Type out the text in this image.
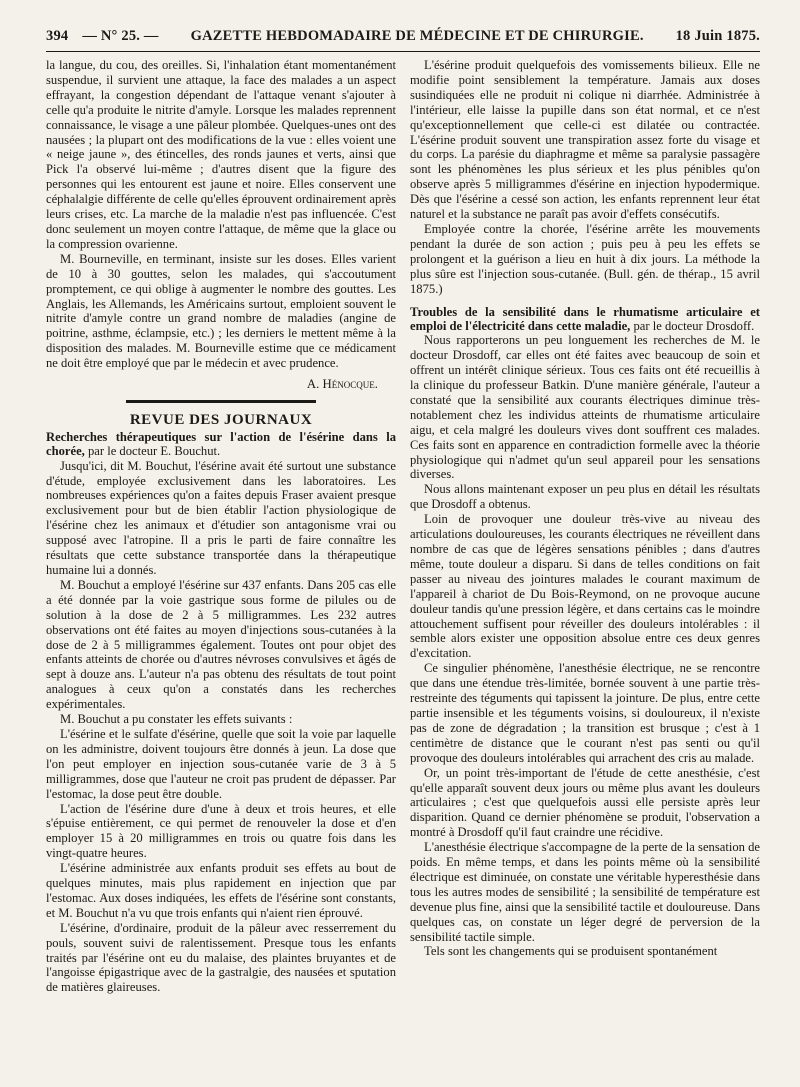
394 — N° 25. —	GAZETTE HEBDOMADAIRE DE MÉDECINE ET DE CHIRURGIE.	18 Juin 1875.

la langue, du cou, des oreilles. Si, l'inhalation étant momentanément suspendue, il survient une attaque, la face des malades a un aspect effrayant, la congestion dépendant de l'attaque venant s'ajouter à celle qu'a produite le nitrite d'amyle. Lorsque les malades reprennent connaissance, le visage a une pâleur plombée. Quelques-unes ont des nausées ; la plupart ont des modifications de la vue : elles voient une « neige jaune », des étincelles, des ronds jaunes et verts, ainsi que Pick l'a observé lui-même ; d'autres disent que la figure des personnes qui les entourent est jaune et noire. Elles conservent une céphalalgie différente de celle qu'elles éprouvent ordinairement après leurs crises, etc. La marche de la maladie n'est pas influencée. C'est donc seulement un moyen contre l'attaque, de même que la glace ou la compression ovarienne.

M. Bourneville, en terminant, insiste sur les doses. Elles varient de 10 à 30 gouttes, selon les malades, qui s'accoutument promptement, ce qui oblige à augmenter le nombre des gouttes. Les Anglais, les Allemands, les Américains surtout, emploient souvent le nitrite d'amyle contre un grand nombre de maladies (angine de poitrine, asthme, éclampsie, etc.) ; les derniers le mettent même à la disposition des malades. M. Bourneville estime que ce médicament ne doit être employé que par le médecin et avec prudence.

A. Hénocque.
REVUE DES JOURNAUX

Recherches thérapeutiques sur l'action de l'ésérine dans la chorée, par le docteur E. Bouchut.

Jusqu'ici, dit M. Bouchut, l'ésérine avait été surtout une substance d'étude, employée exclusivement dans les laboratoires. Les nombreuses expériences qu'on a faites depuis Fraser avaient presque exclusivement pour but de bien établir l'action physiologique de l'ésérine chez les animaux et d'étudier son antagonisme vrai ou supposé avec l'atropine. Il a pris le parti de faire connaître les résultats que cette substance transportée dans la thérapeutique humaine lui a donnés.

M. Bouchut a employé l'ésérine sur 437 enfants. Dans 205 cas elle a été donnée par la voie gastrique sous forme de pilules ou de solution à la dose de 2 à 5 milligrammes. Les 232 autres observations ont été faites au moyen d'injections sous-cutanées à la dose de 2 à 5 milligrammes également. Toutes ont pour objet des enfants atteints de chorée ou d'autres névroses convulsives et âgés de sept à douze ans. L'auteur n'a pas obtenu des résultats de tout point analogues à ceux qu'on a constatés dans les recherches expérimentales.

M. Bouchut a pu constater les effets suivants :

L'ésérine et le sulfate d'ésérine, quelle que soit la voie par laquelle on les administre, doivent toujours être donnés à jeun. La dose que l'on peut employer en injection sous-cutanée varie de 3 à 5 milligrammes, dose que l'auteur ne croit pas prudent de dépasser. Par l'estomac, la dose peut être double.

L'action de l'ésérine dure d'une à deux et trois heures, et elle s'épuise entièrement, ce qui permet de renouveler la dose et d'en employer 15 à 20 milligrammes en trois ou quatre fois dans les vingt-quatre heures.

L'ésérine administrée aux enfants produit ses effets au bout de quelques minutes, mais plus rapidement en injection que par l'estomac. Aux doses indiquées, les effets de l'ésérine sont constants, et M. Bouchut n'a vu que trois enfants qui n'aient rien éprouvé.

L'ésérine, d'ordinaire, produit de la pâleur avec resserrement du pouls, souvent suivi de ralentissement. Presque tous les enfants traités par l'ésérine ont eu du malaise, des plaintes bruyantes et de l'angoisse épigastrique avec de la gastralgie, des nausées et sputation de matières glaireuses.

L'ésérine produit quelquefois des vomissements bilieux. Elle ne modifie point sensiblement la température. Jamais aux doses susindiquées elle ne produit ni colique ni diarrhée. Administrée à l'intérieur, elle laisse la pupille dans son état normal, et ce n'est qu'exceptionnellement que celle-ci est dilatée ou contractée. L'ésérine produit souvent une transpiration assez forte du visage et du corps. La parésie du diaphragme et même sa paralysie passagère sont les phénomènes les plus sérieux et les plus pénibles qu'on observe après 5 milligrammes d'ésérine en injection hypodermique. Dès que l'ésérine a cessé son action, les enfants reprennent leur état naturel et la substance ne paraît pas avoir d'effets consécutifs.

Employée contre la chorée, l'ésérine arrête les mouvements pendant la durée de son action ; puis peu à peu les effets se prolongent et la guérison a lieu en huit à dix jours. La méthode la plus sûre est l'injection sous-cutanée. (Bull. gén. de thérap., 15 avril 1875.)

Troubles de la sensibilité dans le rhumatisme articulaire et emploi de l'électricité dans cette maladie, par le docteur Drosdoff.

Nous rapporterons un peu longuement les recherches de M. le docteur Drosdoff, car elles ont été faites avec beaucoup de soin et offrent un intérêt clinique sérieux. Tous ces faits ont été recueillis à la clinique du professeur Batkin. D'une manière générale, l'auteur a constaté que la sensibilité aux courants électriques diminue très-notablement chez les individus atteints de rhumatisme articulaire aigu, et cela malgré les douleurs vives dont souffrent ces malades. Ces faits sont en apparence en contradiction formelle avec la théorie physiologique qui n'admet qu'un seul appareil pour les sensations diverses.

Nous allons maintenant exposer un peu plus en détail les résultats que Drosdoff a obtenus.

Loin de provoquer une douleur très-vive au niveau des articulations douloureuses, les courants électriques ne réveillent dans nombre de cas que de légères sensations pénibles ; dans d'autres même, toute douleur a disparu. Si dans de telles conditions on fait passer au niveau des jointures malades le courant maximum de l'appareil à chariot de Du Bois-Reymond, on ne provoque aucune douleur tandis qu'une pression légère, et dans certains cas le moindre attouchement suffisent pour réveiller des douleurs intolérables : il semble alors exister une opposition absolue entre ces deux genres d'excitation.

Ce singulier phénomène, l'anesthésie électrique, ne se rencontre que dans une étendue très-limitée, bornée souvent à une partie très-restreinte des téguments qui tapissent la jointure. De plus, entre cette partie insensible et les téguments voisins, si douloureux, il n'existe pas de zone de dégradation ; la transition est brusque ; c'est à 1 centimètre de distance que le courant n'est pas senti ou qu'il provoque des douleurs intolérables qui arrachent des cris au malade.

Or, un point très-important de l'étude de cette anesthésie, c'est qu'elle apparaît souvent deux jours ou même plus avant les douleurs articulaires ; c'est que quelquefois aussi elle persiste après leur disparition. Quand ce dernier phénomène se produit, l'observation a montré à Drosdoff qu'il faut craindre une récidive.

L'anesthésie électrique s'accompagne de la perte de la sensation de poids. En même temps, et dans les points même où la sensibilité électrique est diminuée, on constate une véritable hyperesthésie dans tous les autres modes de sensibilité ; la sensibilité de température est devenue plus fine, ainsi que la sensibilité tactile et douloureuse. Dans quelques cas, on constate un léger degré de perversion de la sensibilité tactile simple.

Tels sont les changements qui se produisent spontanément
